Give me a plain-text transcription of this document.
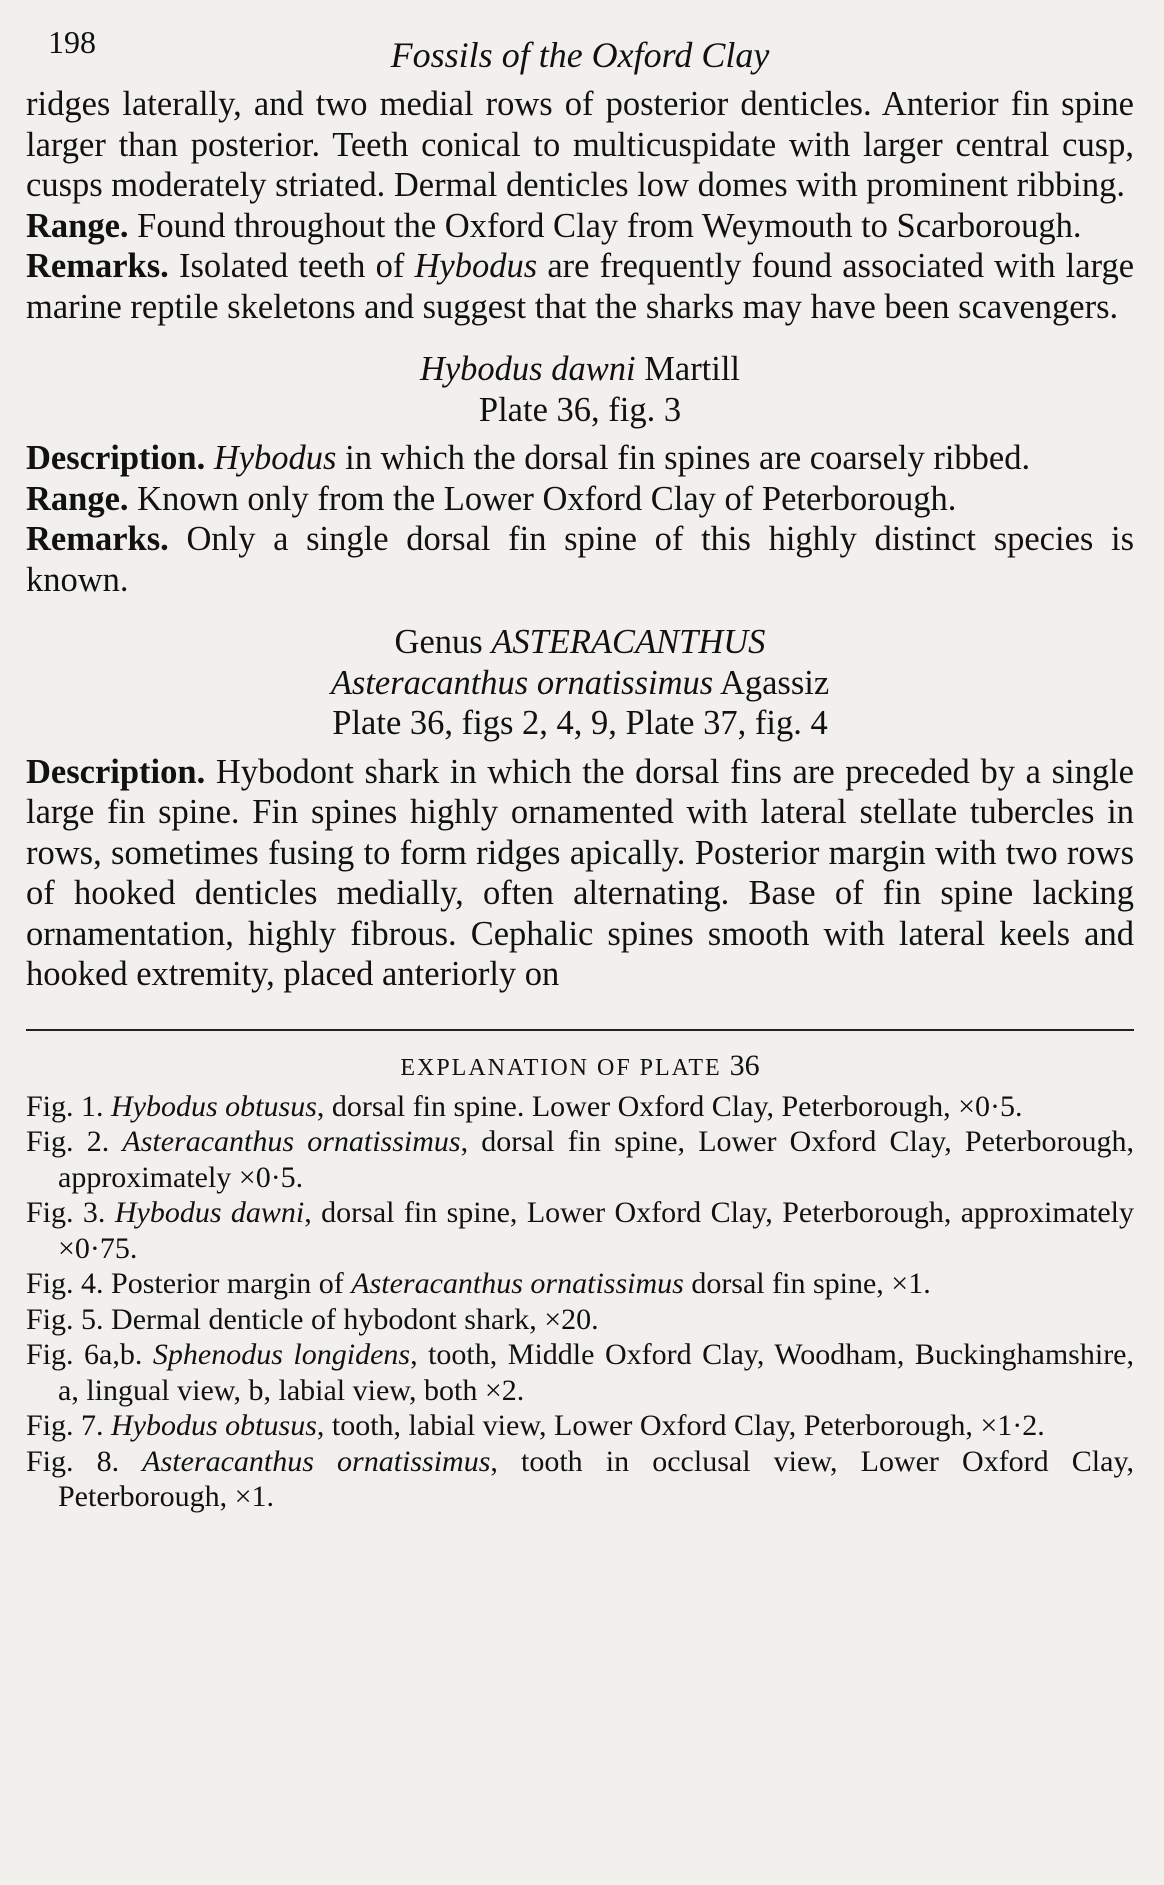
198	Fossils of the Oxford Clay

ridges laterally, and two medial rows of posterior denticles. Anterior fin spine larger than posterior. Teeth conical to multicuspidate with larger central cusp, cusps moderately striated. Dermal denticles low domes with prominent ribbing.

Range. Found throughout the Oxford Clay from Weymouth to Scarborough.

Remarks. Isolated teeth of Hybodus are frequently found associated with large marine reptile skeletons and suggest that the sharks may have been scavengers.

Hybodus dawni Martill

Plate 36, fig. 3

Description. Hybodus in which the dorsal fin spines are coarsely ribbed.

Range. Known only from the Lower Oxford Clay of Peterborough.

Remarks. Only a single dorsal fin spine of this highly distinct species is known.

Genus ASTERACANTHUS

Asteracanthus ornatissimus Agassiz

Plate 36, figs 2, 4, 9, Plate 37, fig. 4

Description. Hybodont shark in which the dorsal fins are preceded by a single large fin spine. Fin spines highly ornamented with lateral stellate tubercles in rows, sometimes fusing to form ridges apically. Posterior margin with two rows of hooked denticles medially, often alternating. Base of fin spine lacking ornamentation, highly fibrous. Cephalic spines smooth with lateral keels and hooked extremity, placed anteriorly on

EXPLANATION OF PLATE 36

Fig. 1. Hybodus obtusus, dorsal fin spine. Lower Oxford Clay, Peterborough, ×0·5.

Fig. 2. Asteracanthus ornatissimus, dorsal fin spine, Lower Oxford Clay, Peterborough, approximately ×0·5.

Fig. 3. Hybodus dawni, dorsal fin spine, Lower Oxford Clay, Peterborough, approximately ×0·75.

Fig. 4. Posterior margin of Asteracanthus ornatissimus dorsal fin spine, ×1.

Fig. 5. Dermal denticle of hybodont shark, ×20.

Fig. 6a,b. Sphenodus longidens, tooth, Middle Oxford Clay, Woodham, Buckinghamshire, a, lingual view, b, labial view, both ×2.

Fig. 7. Hybodus obtusus, tooth, labial view, Lower Oxford Clay, Peterborough, ×1·2.

Fig. 8. Asteracanthus ornatissimus, tooth in occlusal view, Lower Oxford Clay, Peterborough, ×1.
